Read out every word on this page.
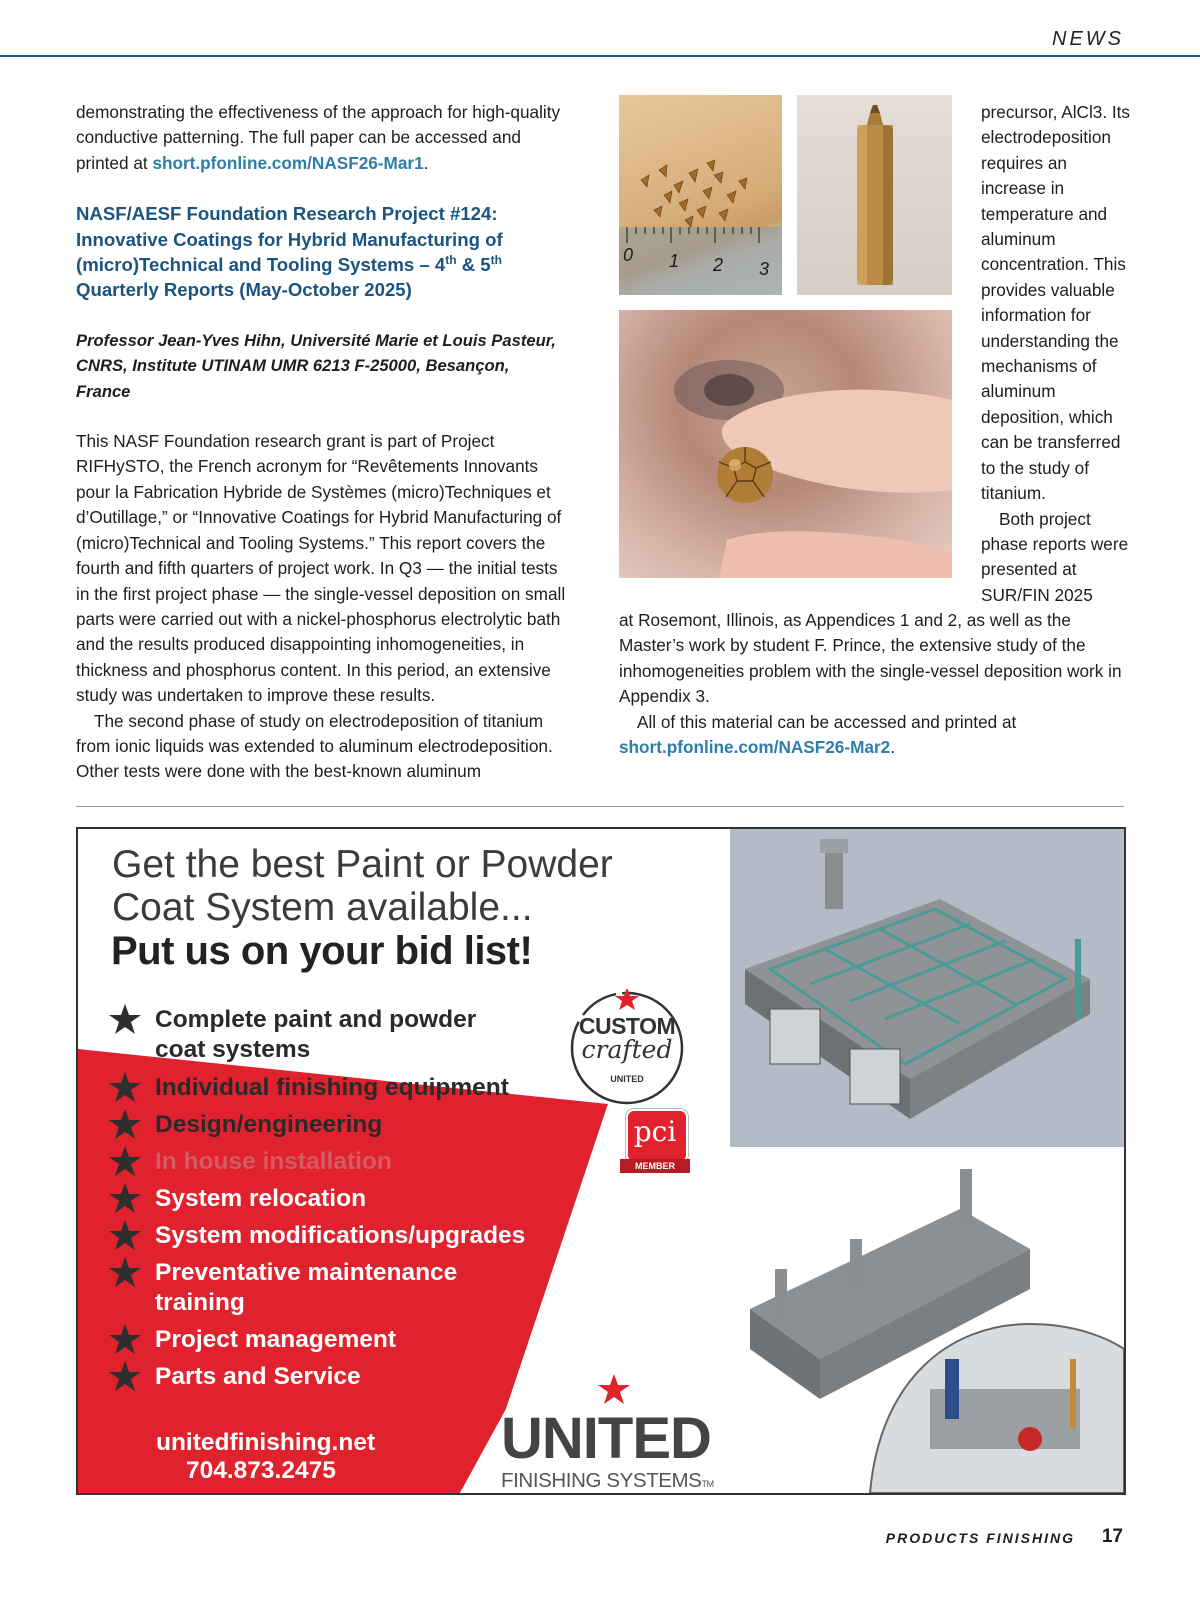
NEWS

demonstrating the effectiveness of the approach for high-quality conductive patterning. The full paper can be accessed and printed at short.pfonline.com/NASF26-Mar1.

NASF/AESF Foundation Research Project #124: Innovative Coatings for Hybrid Manufacturing of (micro)Technical and Tooling Systems – 4th & 5th Quarterly Reports (May-October 2025)

Professor Jean-Yves Hihn, Université Marie et Louis Pasteur, CNRS, Institute UTINAM UMR 6213 F-25000, Besançon, France

This NASF Foundation research grant is part of Project RIFHySTO, the French acronym for “Revêtements Innovants pour la Fabrication Hybride de Systèmes (micro)Techniques et d’Outillage,” or “Innovative Coatings for Hybrid Manufacturing of (micro)Technical and Tooling Systems.” This report covers the fourth and fifth quarters of project work. In Q3 — the initial tests in the first project phase — the single-vessel deposition on small parts were carried out with a nickel-phosphorus electrolytic bath and the results produced disappointing inhomogeneities, in thickness and phosphorus content. In this period, an extensive study was undertaken to improve these results.

The second phase of study on electrodeposition of titanium from ionic liquids was extended to aluminum electrodeposition. Other tests were done with the best-known aluminum

0 1 2 3

precursor, AlCl3. Its electrodeposition requires an increase in temperature and aluminum concentration. This provides valuable information for understanding the mechanisms of aluminum deposition, which can be transferred to the study of titanium.

Both project phase reports were presented at SUR/FIN 2025

at Rosemont, Illinois, as Appendices 1 and 2, as well as the Master’s work by student F. Prince, the extensive study of the inhomogeneities problem with the single-vessel deposition work in Appendix 3.

All of this material can be accessed and printed at short.pfonline.com/NASF26-Mar2.

Get the best Paint or Powder Coat System available...
Put us on your bid list!
Complete paint and powder coat systems
Individual finishing equipment
Design/engineering
In house installation
System relocation
System modifications/upgrades
Preventative maintenance training
Project management
Parts and Service
unitedfinishing.net
704.873.2475
CUSTOM
crafted
UNITED
pci
MEMBER
UNITED
FINISHING SYSTEMSTM
PRODUCTS FINISHING 17
